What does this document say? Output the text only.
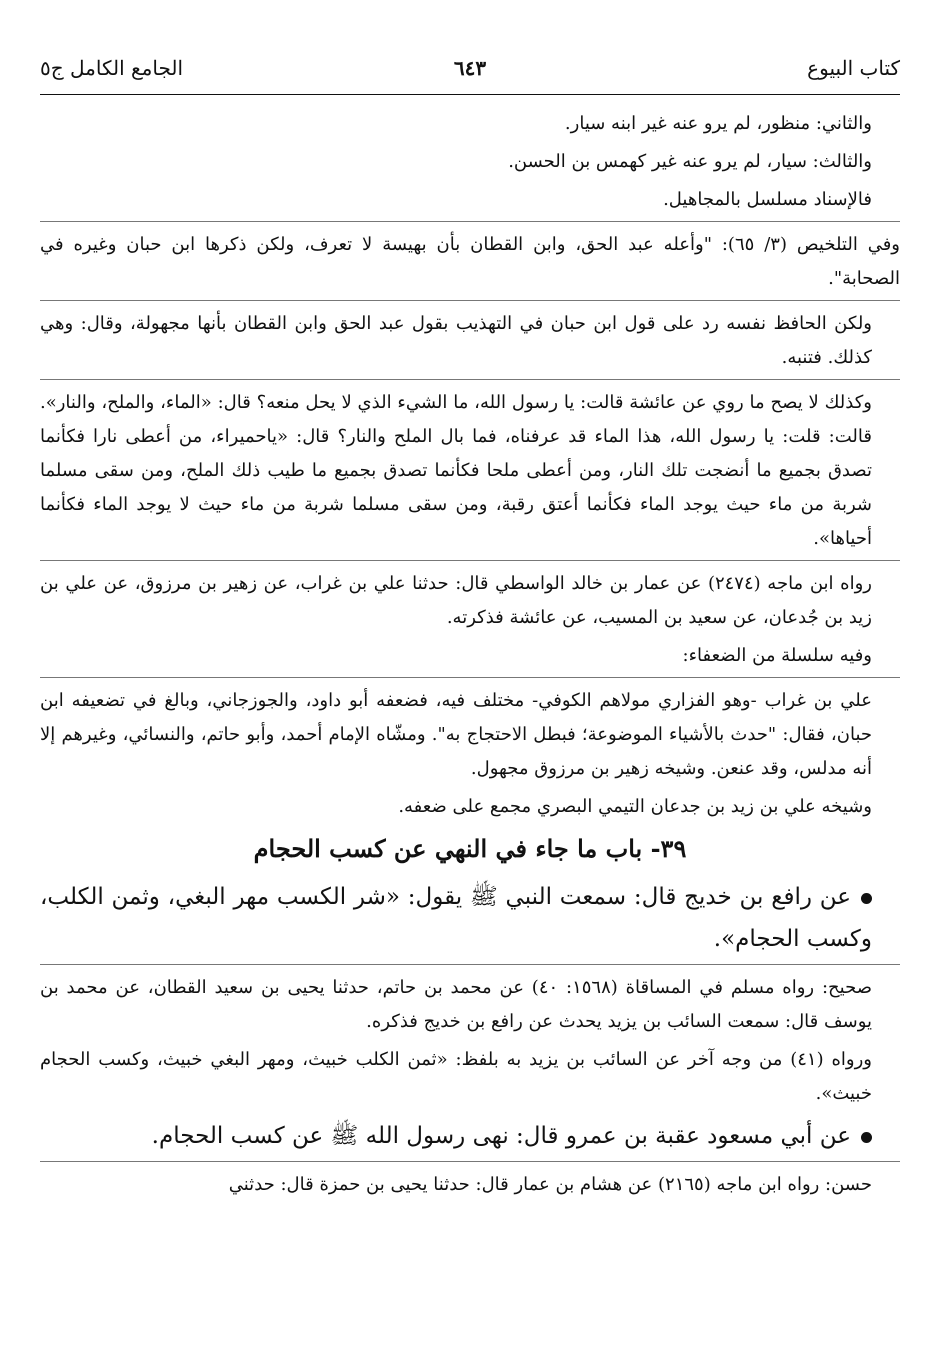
كتاب البيوع
٦٤٣
الجامع الكامل ج٥

والثاني: منظور، لم يرو عنه غير ابنه سيار.

والثالث: سيار، لم يرو عنه غير كهمس بن الحسن.

فالإسناد مسلسل بالمجاهيل.

وفي التلخيص (٣/ ٦٥): "وأعله عبد الحق، وابن القطان بأن بهيسة لا تعرف، ولكن ذكرها ابن حبان وغيره في الصحابة".

ولكن الحافظ نفسه رد على قول ابن حبان في التهذيب بقول عبد الحق وابن القطان بأنها مجهولة، وقال: وهي كذلك. فتنبه.

وكذلك لا يصح ما روي عن عائشة قالت: يا رسول الله، ما الشيء الذي لا يحل منعه؟ قال: «الماء، والملح، والنار». قالت: قلت: يا رسول الله، هذا الماء قد عرفناه، فما بال الملح والنار؟ قال: «ياحميراء، من أعطى نارا فكأنما تصدق بجميع ما أنضجت تلك النار، ومن أعطى ملحا فكأنما تصدق بجميع ما طيب ذلك الملح، ومن سقى مسلما شربة من ماء حيث يوجد الماء فكأنما أعتق رقبة، ومن سقى مسلما شربة من ماء حيث لا يوجد الماء فكأنما أحياها».

رواه ابن ماجه (٢٤٧٤) عن عمار بن خالد الواسطي قال: حدثنا علي بن غراب، عن زهير بن مرزوق، عن علي بن زيد بن جُدعان، عن سعيد بن المسيب، عن عائشة فذكرته.

وفيه سلسلة من الضعفاء:

علي بن غراب -وهو الفزاري مولاهم الكوفي- مختلف فيه، فضعفه أبو داود، والجوزجاني، وبالغ في تضعيفه ابن حبان، فقال: "حدث بالأشياء الموضوعة؛ فبطل الاحتجاج به". ومشّاه الإمام أحمد، وأبو حاتم، والنسائي، وغيرهم إلا أنه مدلس، وقد عنعن. وشيخه زهير بن مرزوق مجهول.

وشيخه علي بن زيد بن جدعان التيمي البصري مجمع على ضعفه.

٣٩- باب ما جاء في النهي عن كسب الحجام

عن رافع بن خديج قال: سمعت النبي ﷺ يقول: «شر الكسب مهر البغي، وثمن الكلب، وكسب الحجام».

صحيح: رواه مسلم في المساقاة (١٥٦٨: ٤٠) عن محمد بن حاتم، حدثنا يحيى بن سعيد القطان، عن محمد بن يوسف قال: سمعت السائب بن يزيد يحدث عن رافع بن خديج فذكره.

ورواه (٤١) من وجه آخر عن السائب بن يزيد به بلفظ: «ثمن الكلب خبيث، ومهر البغي خبيث، وكسب الحجام خبيث».

عن أبي مسعود عقبة بن عمرو قال: نهى رسول الله ﷺ عن كسب الحجام.

حسن: رواه ابن ماجه (٢١٦٥) عن هشام بن عمار قال: حدثنا يحيى بن حمزة قال: حدثني
